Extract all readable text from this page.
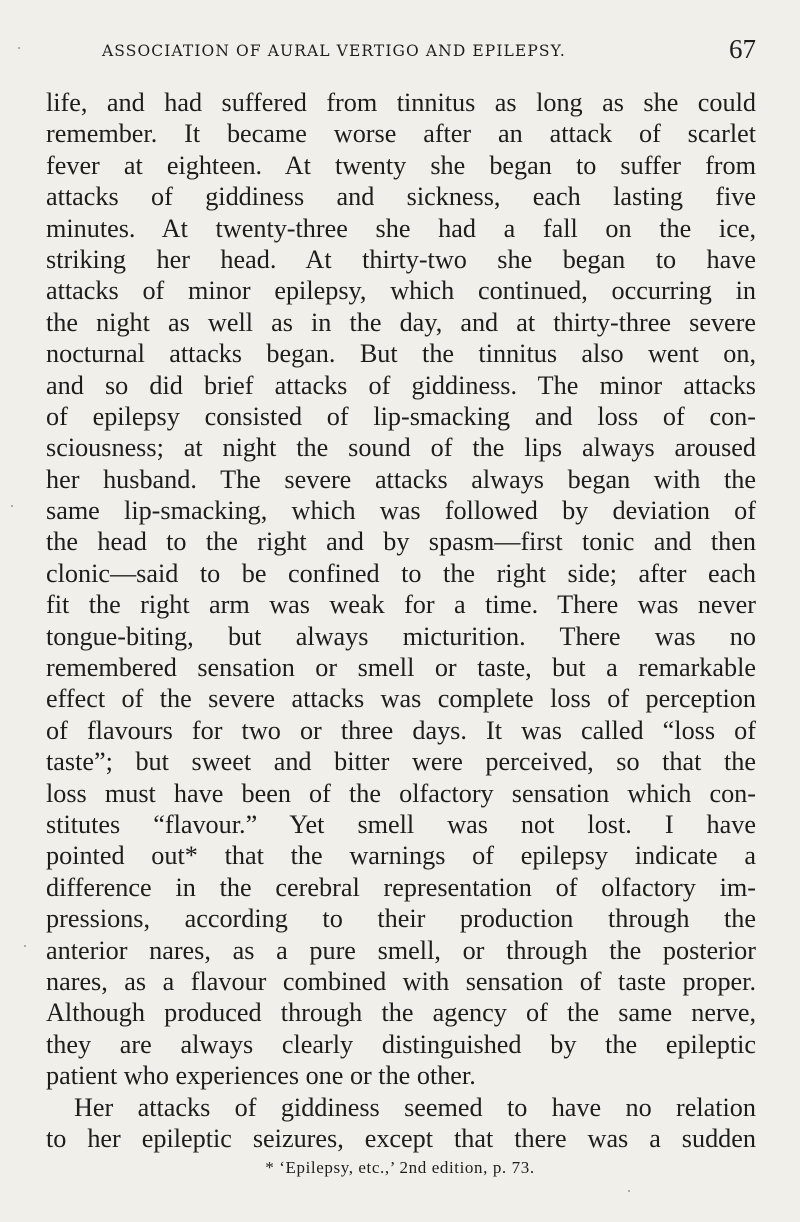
ASSOCIATION OF AURAL VERTIGO AND EPILEPSY.	67
life, and had suffered from tinnitus as long as she could
remember. It became worse after an attack of scarlet
fever at eighteen. At twenty she began to suffer from
attacks of giddiness and sickness, each lasting five
minutes. At twenty-three she had a fall on the ice,
striking her head. At thirty-two she began to have
attacks of minor epilepsy, which continued, occurring in
the night as well as in the day, and at thirty-three severe
nocturnal attacks began. But the tinnitus also went on,
and so did brief attacks of giddiness. The minor attacks
of epilepsy consisted of lip-smacking and loss of con-
sciousness; at night the sound of the lips always aroused
her husband. The severe attacks always began with the
same lip-smacking, which was followed by deviation of
the head to the right and by spasm—first tonic and then
clonic—said to be confined to the right side; after each
fit the right arm was weak for a time. There was never
tongue-biting, but always micturition. There was no
remembered sensation or smell or taste, but a remarkable
effect of the severe attacks was complete loss of perception
of flavours for two or three days. It was called “loss of
taste”; but sweet and bitter were perceived, so that the
loss must have been of the olfactory sensation which con-
stitutes “flavour.” Yet smell was not lost. I have
pointed out* that the warnings of epilepsy indicate a
difference in the cerebral representation of olfactory im-
pressions, according to their production through the
anterior nares, as a pure smell, or through the posterior
nares, as a flavour combined with sensation of taste proper.
Although produced through the agency of the same nerve,
they are always clearly distinguished by the epileptic
patient who experiences one or the other.
Her attacks of giddiness seemed to have no relation
to her epileptic seizures, except that there was a sudden
* ‘Epilepsy, etc.,’ 2nd edition, p. 73.
